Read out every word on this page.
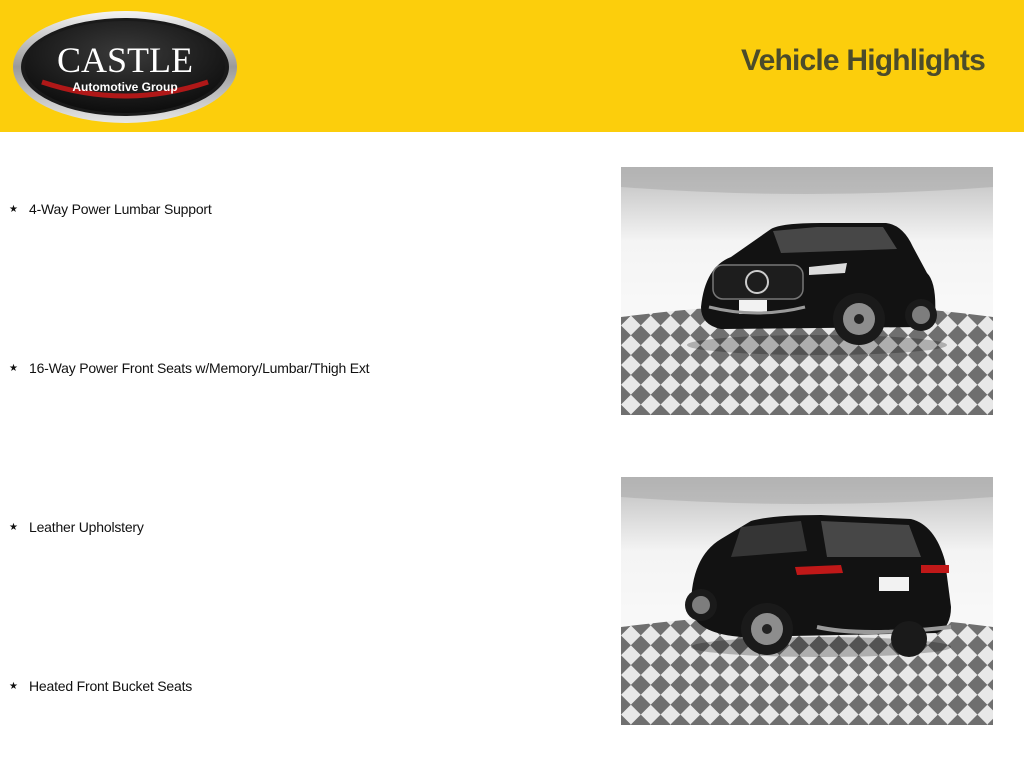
CASTLE
Automotive Group
Vehicle Highlights
★ 4-Way Power Lumbar Support
★ 16-Way Power Front Seats w/Memory/Lumbar/Thigh Ext
★ Leather Upholstery
★ Heated Front Bucket Seats
